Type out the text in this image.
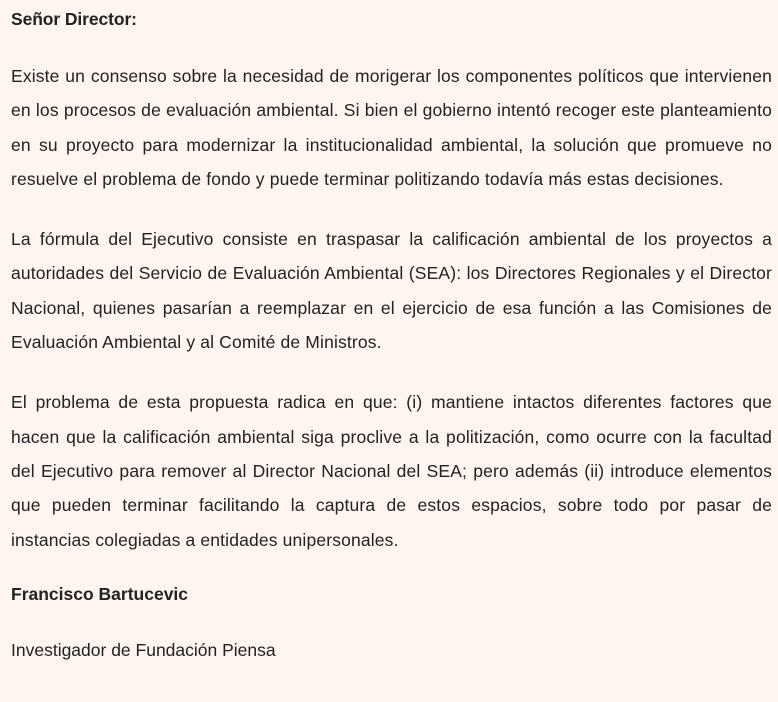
Señor Director:

Existe un consenso sobre la necesidad de morigerar los componentes políticos que intervienen en los procesos de evaluación ambiental. Si bien el gobierno intentó recoger este planteamiento en su proyecto para modernizar la institucionalidad ambiental, la solución que promueve no resuelve el problema de fondo y puede terminar politizando todavía más estas decisiones.

La fórmula del Ejecutivo consiste en traspasar la calificación ambiental de los proyectos a autoridades del Servicio de Evaluación Ambiental (SEA): los Directores Regionales y el Director Nacional, quienes pasarían a reemplazar en el ejercicio de esa función a las Comisiones de Evaluación Ambiental y al Comité de Ministros.

El problema de esta propuesta radica en que: (i) mantiene intactos diferentes factores que hacen que la calificación ambiental siga proclive a la politización, como ocurre con la facultad del Ejecutivo para remover al Director Nacional del SEA; pero además (ii) introduce elementos que pueden terminar facilitando la captura de estos espacios, sobre todo por pasar de instancias colegiadas a entidades unipersonales.

Francisco Bartucevic

Investigador de Fundación Piensa
